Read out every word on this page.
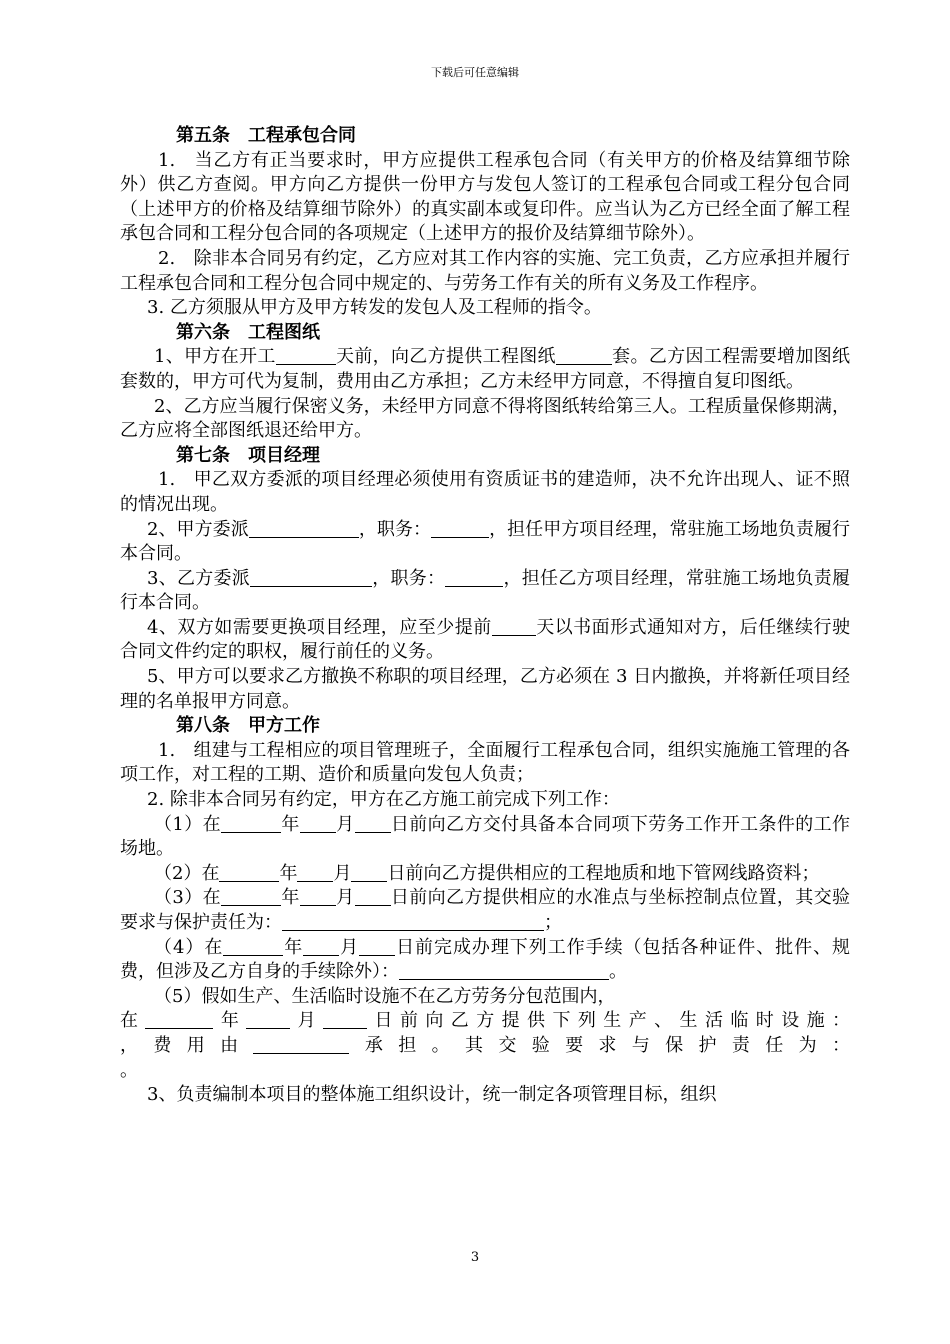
下载后可任意编辑

第五条　工程承包合同

1.　当乙方有正当要求时，甲方应提供工程承包合同（有关甲方的价格及结算细节除外）供乙方查阅。甲方向乙方提供一份甲方与发包人签订的工程承包合同或工程分包合同（上述甲方的价格及结算细节除外）的真实副本或复印件。应当认为乙方已经全面了解工程承包合同和工程分包合同的各项规定（上述甲方的报价及结算细节除外）。

2.　除非本合同另有约定，乙方应对其工作内容的实施、完工负责，乙方应承担并履行工程承包合同和工程分包合同中规定的、与劳务工作有关的所有义务及工作程序。

3. 乙方须服从甲方及甲方转发的发包人及工程师的指令。

第六条　工程图纸

1、甲方在开工	天前，向乙方提供工程图纸	套。乙方因工程需要增加图纸套数的，甲方可代为复制，费用由乙方承担；乙方未经甲方同意，不得擅自复印图纸。

2、乙方应当履行保密义务，未经甲方同意不得将图纸转给第三人。工程质量保修期满，乙方应将全部图纸退还给甲方。

第七条　项目经理

1.　甲乙双方委派的项目经理必须使用有资质证书的建造师，决不允许出现人、证不照的情况出现。

2、甲方委派	，职务：	，担任甲方项目经理，常驻施工场地负责履行本合同。

3、乙方委派	，职务：	，担任乙方项目经理，常驻施工场地负责履行本合同。

4、双方如需要更换项目经理，应至少提前 天以书面形式通知对方，后任继续行驶合同文件约定的职权，履行前任的义务。

5、甲方可以要求乙方撤换不称职的项目经理，乙方必须在 3 日内撤换，并将新任项目经理的名单报甲方同意。

第八条　甲方工作

1.　组建与工程相应的项目管理班子，全面履行工程承包合同，组织实施施工管理的各项工作，对工程的工期、造价和质量向发包人负责；

2. 除非本合同另有约定，甲方在乙方施工前完成下列工作：

（1）在	年 月 日前向乙方交付具备本合同项下劳务工作开工条件的工作场地。

（2）在	年 月 日前向乙方提供相应的工程地质和地下管网线路资料；

（3）在	年 月 日前向乙方提供相应的水准点与坐标控制点位置，其交验要求与保护责任为：	；

（4）在	年 月 日前完成办理下列工作手续（包括各种证件、批件、规费，但涉及乙方自身的手续除外）：	。

（5）假如生产、生活临时设施不在乙方劳务分包范围内，

在	年 月 日前向乙方提供下列生产、生活临时设施：

，费用由	承担。其交验要求与保护责任为：

。

3、负责编制本项目的整体施工组织设计，统一制定各项管理目标，组织

3
